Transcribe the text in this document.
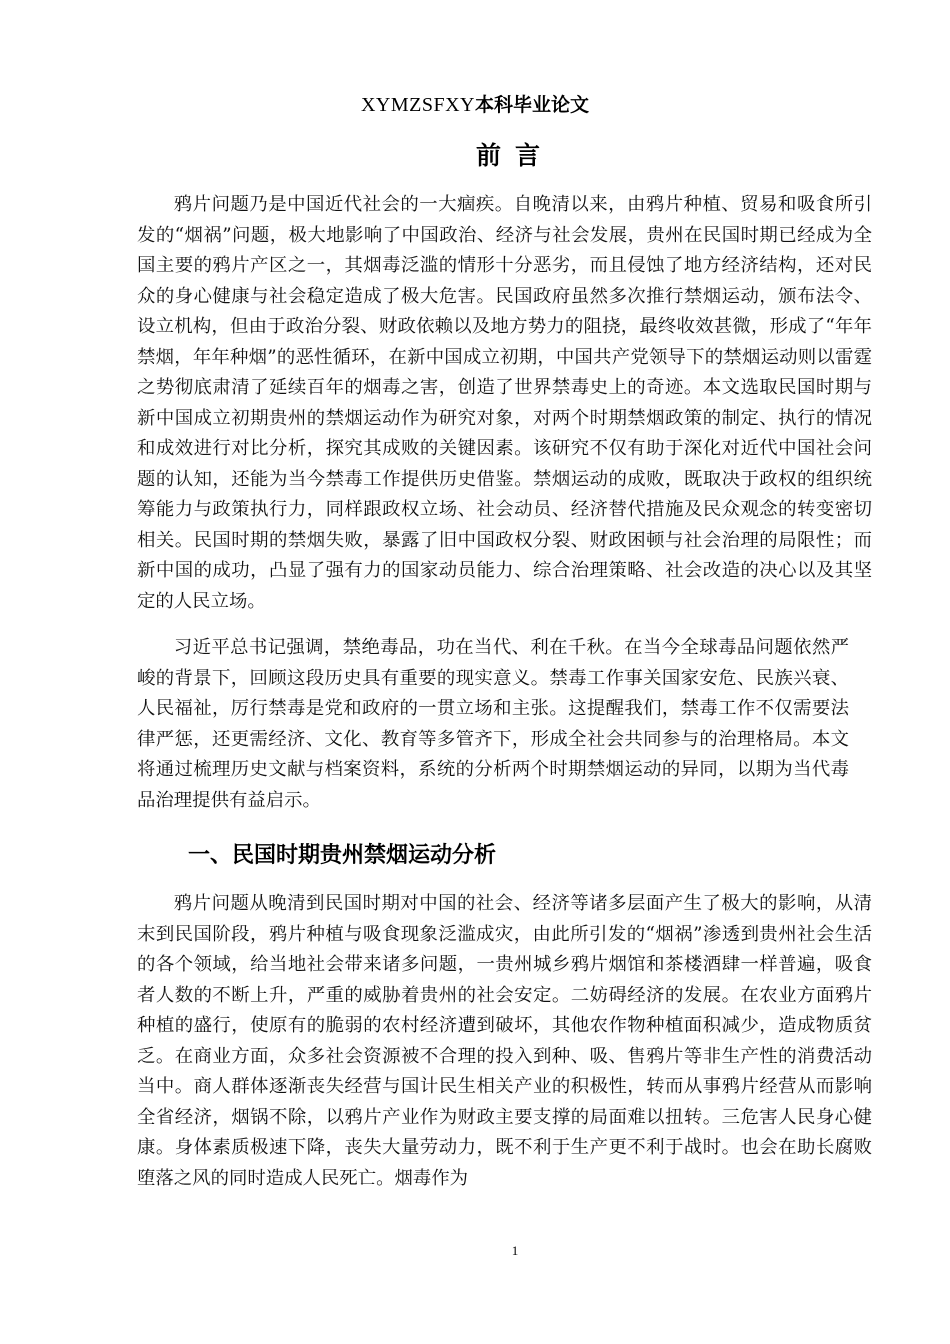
XYMZSFXY本科毕业论文
前言

鸦片问题乃是中国近代社会的一大痼疾。自晚清以来，由鸦片种植、贸易和吸食所引发的“烟祸”问题，极大地影响了中国政治、经济与社会发展，贵州在民国时期已经成为全国主要的鸦片产区之一，其烟毒泛滥的情形十分恶劣，而且侵蚀了地方经济结构，还对民众的身心健康与社会稳定造成了极大危害。民国政府虽然多次推行禁烟运动，颁布法令、设立机构，但由于政治分裂、财政依赖以及地方势力的阻挠，最终收效甚微，形成了“年年禁烟，年年种烟”的恶性循环，在新中国成立初期，中国共产党领导下的禁烟运动则以雷霆之势彻底肃清了延续百年的烟毒之害，创造了世界禁毒史上的奇迹。本文选取民国时期与新中国成立初期贵州的禁烟运动作为研究对象，对两个时期禁烟政策的制定、执行的情况和成效进行对比分析，探究其成败的关键因素。该研究不仅有助于深化对近代中国社会问题的认知，还能为当今禁毒工作提供历史借鉴。禁烟运动的成败，既取决于政权的组织统筹能力与政策执行力，同样跟政权立场、社会动员、经济替代措施及民众观念的转变密切相关。民国时期的禁烟失败，暴露了旧中国政权分裂、财政困顿与社会治理的局限性；而新中国的成功，凸显了强有力的国家动员能力、综合治理策略、社会改造的决心以及其坚定的人民立场。

习近平总书记强调，禁绝毒品，功在当代、利在千秋。在当今全球毒品问题依然严峻的背景下，回顾这段历史具有重要的现实意义。禁毒工作事关国家安危、民族兴衰、人民福祉，厉行禁毒是党和政府的一贯立场和主张。这提醒我们，禁毒工作不仅需要法律严惩，还更需经济、文化、教育等多管齐下，形成全社会共同参与的治理格局。本文将通过梳理历史文献与档案资料，系统的分析两个时期禁烟运动的异同，以期为当代毒品治理提供有益启示。

一、民国时期贵州禁烟运动分析

鸦片问题从晚清到民国时期对中国的社会、经济等诸多层面产生了极大的影响，从清末到民国阶段，鸦片种植与吸食现象泛滥成灾，由此所引发的“烟祸”渗透到贵州社会生活的各个领域，给当地社会带来诸多问题，一贵州城乡鸦片烟馆和茶楼酒肆一样普遍，吸食者人数的不断上升，严重的威胁着贵州的社会安定。二妨碍经济的发展。在农业方面鸦片种植的盛行，使原有的脆弱的农村经济遭到破坏，其他农作物种植面积减少，造成物质贫乏。在商业方面，众多社会资源被不合理的投入到种、吸、售鸦片等非生产性的消费活动当中。商人群体逐渐丧失经营与国计民生相关产业的积极性，转而从事鸦片经营从而影响全省经济，烟锅不除，以鸦片产业作为财政主要支撑的局面难以扭转。三危害人民身心健康。身体素质极速下降，丧失大量劳动力，既不利于生产更不利于战时。也会在助长腐败堕落之风的同时造成人民死亡。烟毒作为

1
